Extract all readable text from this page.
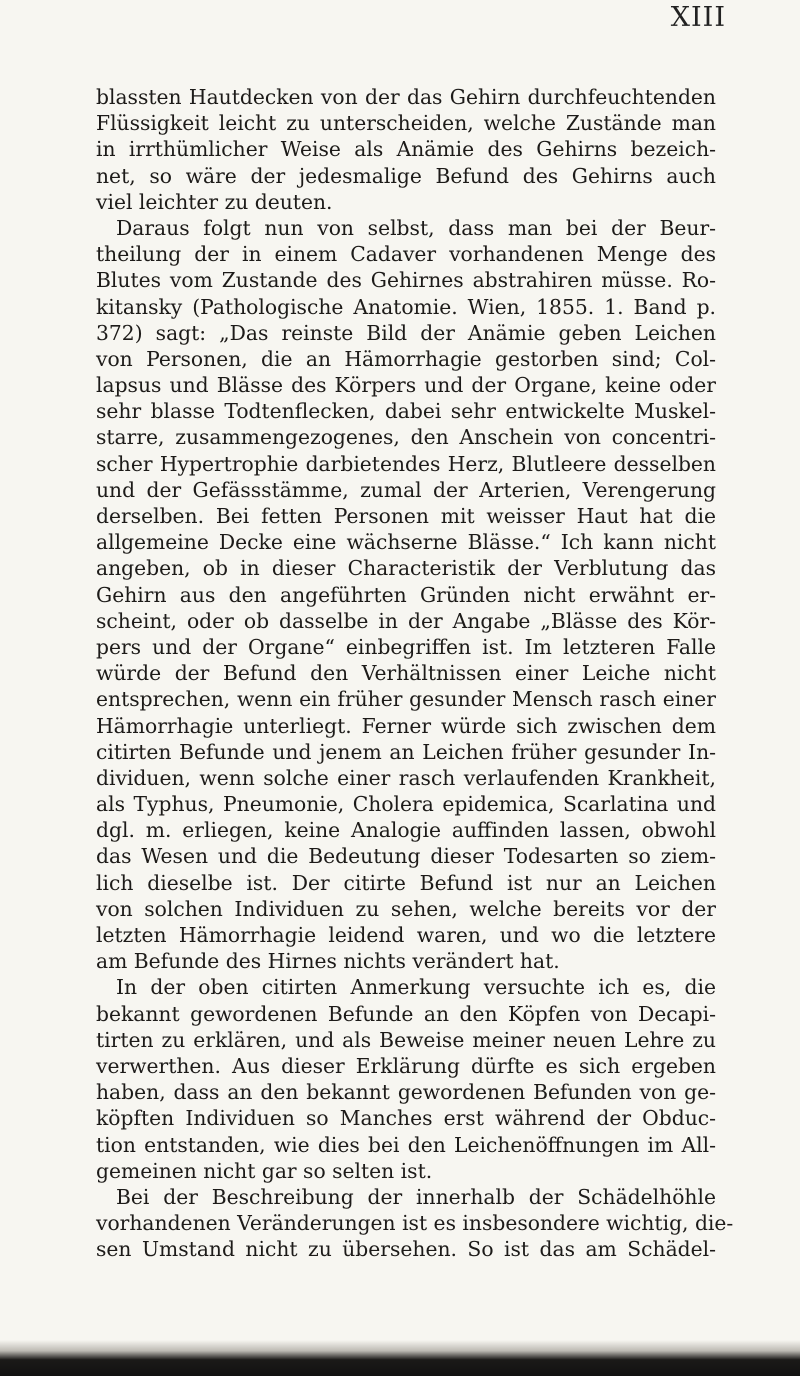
XIII
blassten Hautdecken von der das Gehirn durchfeuchtenden
Flüssigkeit leicht zu unterscheiden, welche Zustände man
in irrthümlicher Weise als Anämie des Gehirns bezeich-
net, so wäre der jedesmalige Befund des Gehirns auch
viel leichter zu deuten.
Daraus folgt nun von selbst, dass man bei der Beur-
theilung der in einem Cadaver vorhandenen Menge des
Blutes vom Zustande des Gehirnes abstrahiren müsse. Ro-
kitansky (Pathologische Anatomie. Wien, 1855. 1. Band p.
372) sagt: „Das reinste Bild der Anämie geben Leichen
von Personen, die an Hämorrhagie gestorben sind; Col-
lapsus und Blässe des Körpers und der Organe, keine oder
sehr blasse Todtenflecken, dabei sehr entwickelte Muskel-
starre, zusammengezogenes, den Anschein von concentri-
scher Hypertrophie darbietendes Herz, Blutleere desselben
und der Gefässstämme, zumal der Arterien, Verengerung
derselben. Bei fetten Personen mit weisser Haut hat die
allgemeine Decke eine wächserne Blässe.“ Ich kann nicht
angeben, ob in dieser Characteristik der Verblutung das
Gehirn aus den angeführten Gründen nicht erwähnt er-
scheint, oder ob dasselbe in der Angabe „Blässe des Kör-
pers und der Organe“ einbegriffen ist. Im letzteren Falle
würde der Befund den Verhältnissen einer Leiche nicht
entsprechen, wenn ein früher gesunder Mensch rasch einer
Hämorrhagie unterliegt. Ferner würde sich zwischen dem
citirten Befunde und jenem an Leichen früher gesunder In-
dividuen, wenn solche einer rasch verlaufenden Krankheit,
als Typhus, Pneumonie, Cholera epidemica, Scarlatina und
dgl. m. erliegen, keine Analogie auffinden lassen, obwohl
das Wesen und die Bedeutung dieser Todesarten so ziem-
lich dieselbe ist. Der citirte Befund ist nur an Leichen
von solchen Individuen zu sehen, welche bereits vor der
letzten Hämorrhagie leidend waren, und wo die letztere
am Befunde des Hirnes nichts verändert hat.
In der oben citirten Anmerkung versuchte ich es, die
bekannt gewordenen Befunde an den Köpfen von Decapi-
tirten zu erklären, und als Beweise meiner neuen Lehre zu
verwerthen. Aus dieser Erklärung dürfte es sich ergeben
haben, dass an den bekannt gewordenen Befunden von ge-
köpften Individuen so Manches erst während der Obduc-
tion entstanden, wie dies bei den Leichenöffnungen im All-
gemeinen nicht gar so selten ist.
Bei der Beschreibung der innerhalb der Schädelhöhle
vorhandenen Veränderungen ist es insbesondere wichtig, die-
sen Umstand nicht zu übersehen. So ist das am Schädel-
